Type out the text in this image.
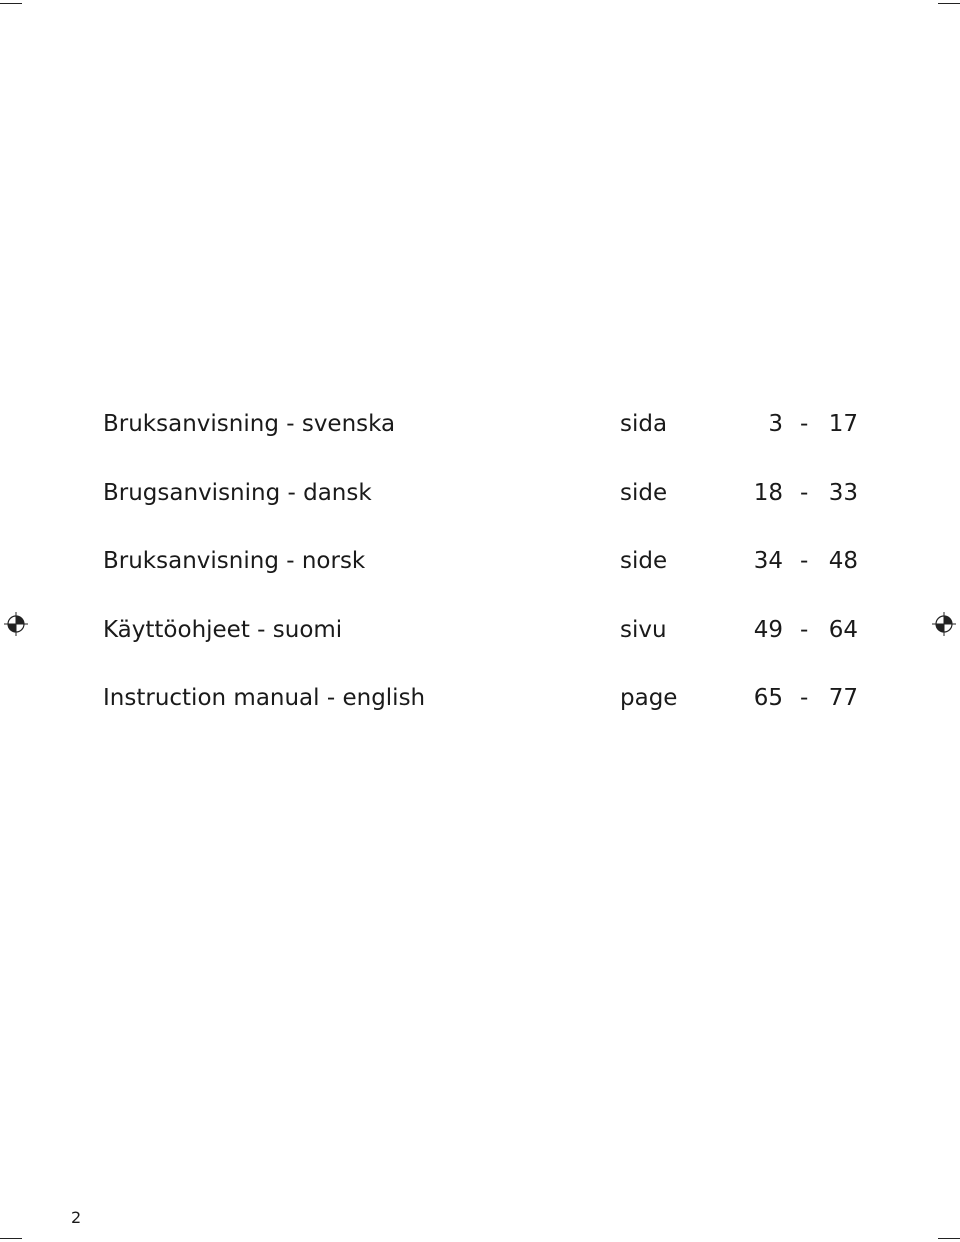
Bruksanvisning - svenska	sida	3 - 17
Brugsanvisning - dansk	side	18 - 33
Bruksanvisning - norsk	side	34 - 48
Käyttöohjeet - suomi	sivu	49 - 64
Instruction manual - english	page	65 - 77
2
